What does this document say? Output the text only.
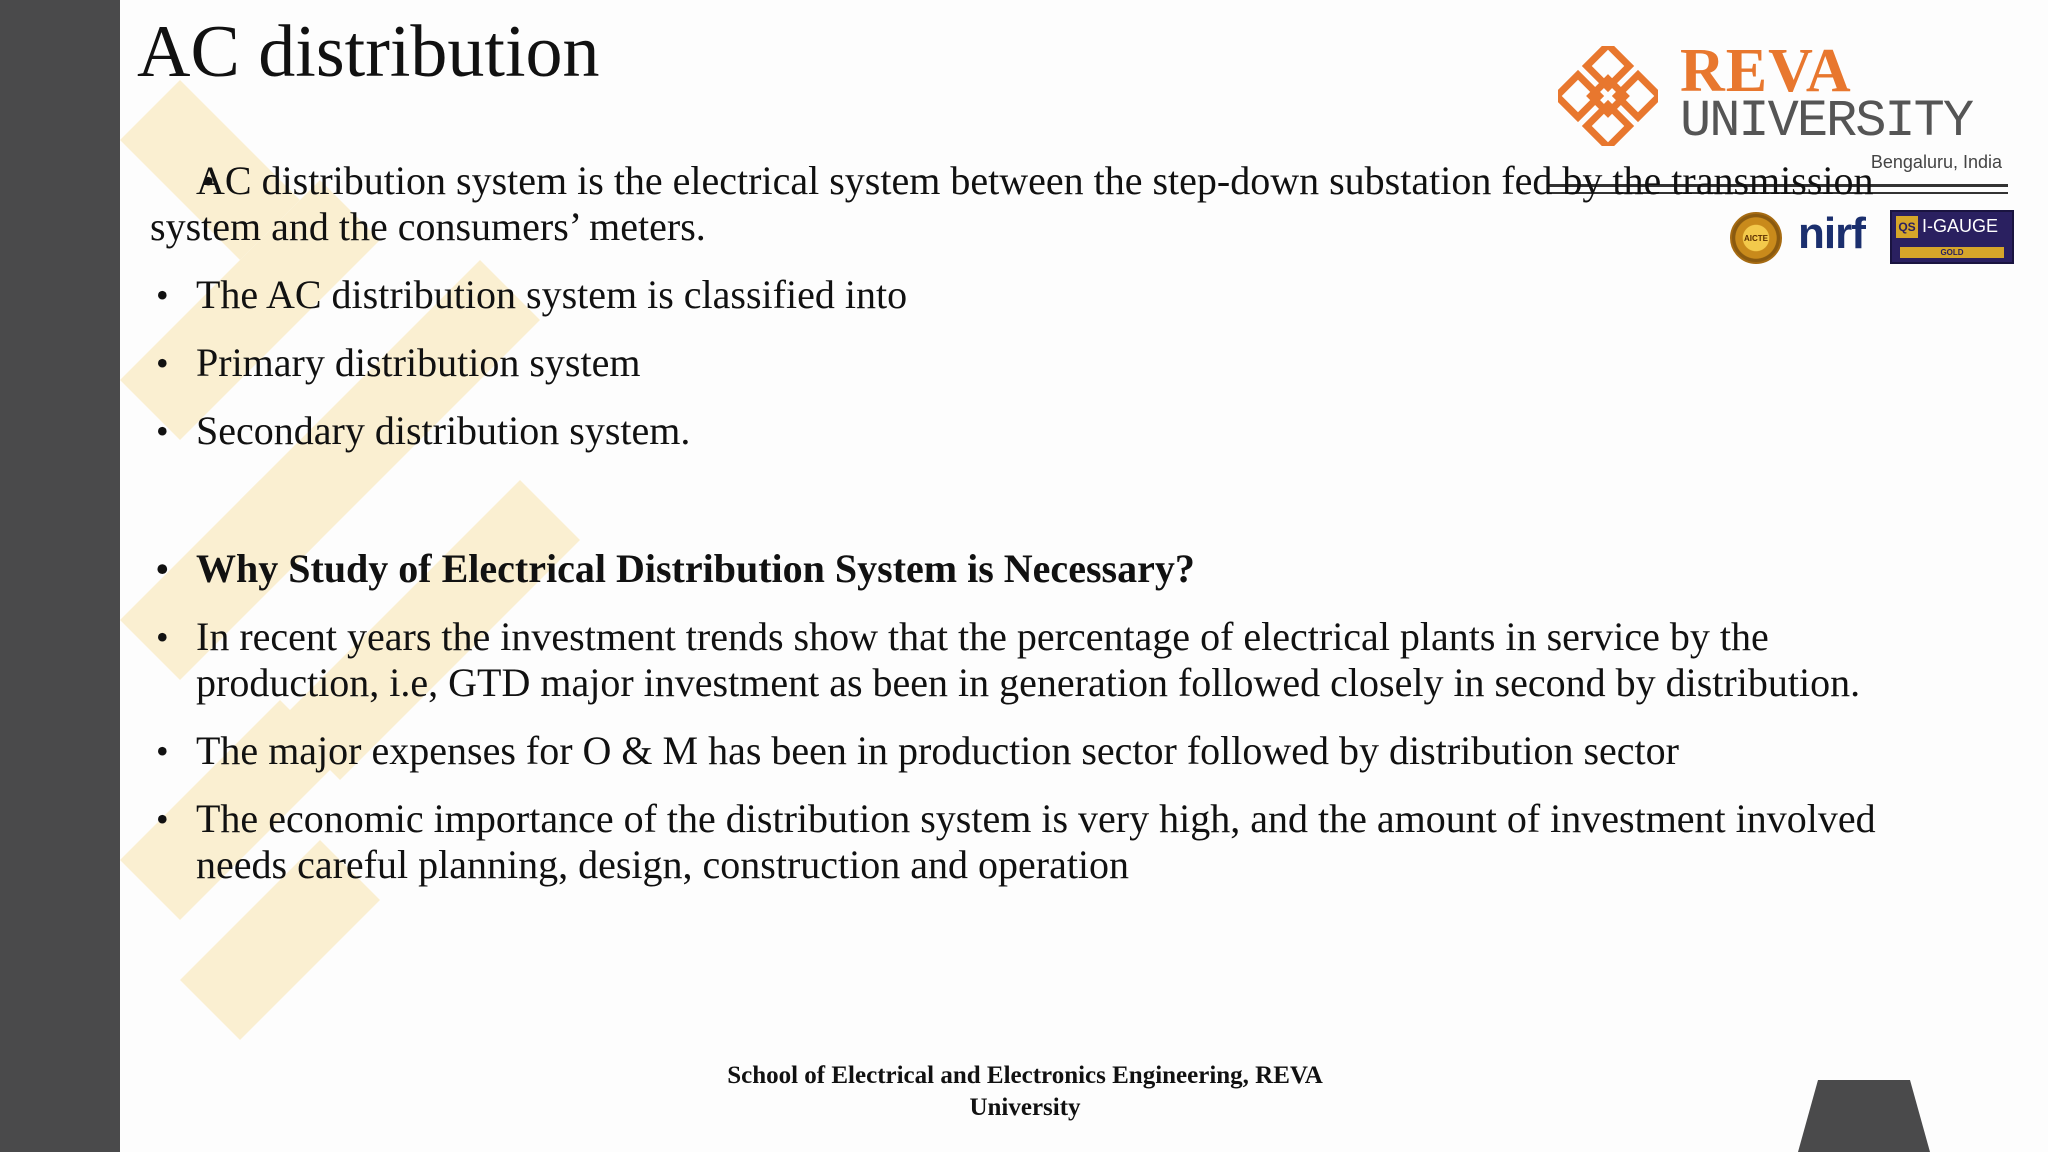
AC distribution	REVA
UNIVERSITY
Bengaluru, India
AICTE nirf	QS I-GAUGE
GOLD
• AC distribution system is the electrical system between the step-down substation fed by the transmission system and the consumers’ meters.
• The AC distribution system is classified into
• Primary distribution system
• Secondary distribution system.
• Why Study of Electrical Distribution System is Necessary?
• In recent years the investment trends show that the percentage of electrical plants in service by the production, i.e, GTD major investment as been in generation followed closely in second by distribution.
• The major expenses for O & M has been in production sector followed by distribution sector
• The economic importance of the distribution system is very high, and the amount of investment involved needs careful planning, design, construction and operation
School of Electrical and Electronics Engineering, REVA
University
